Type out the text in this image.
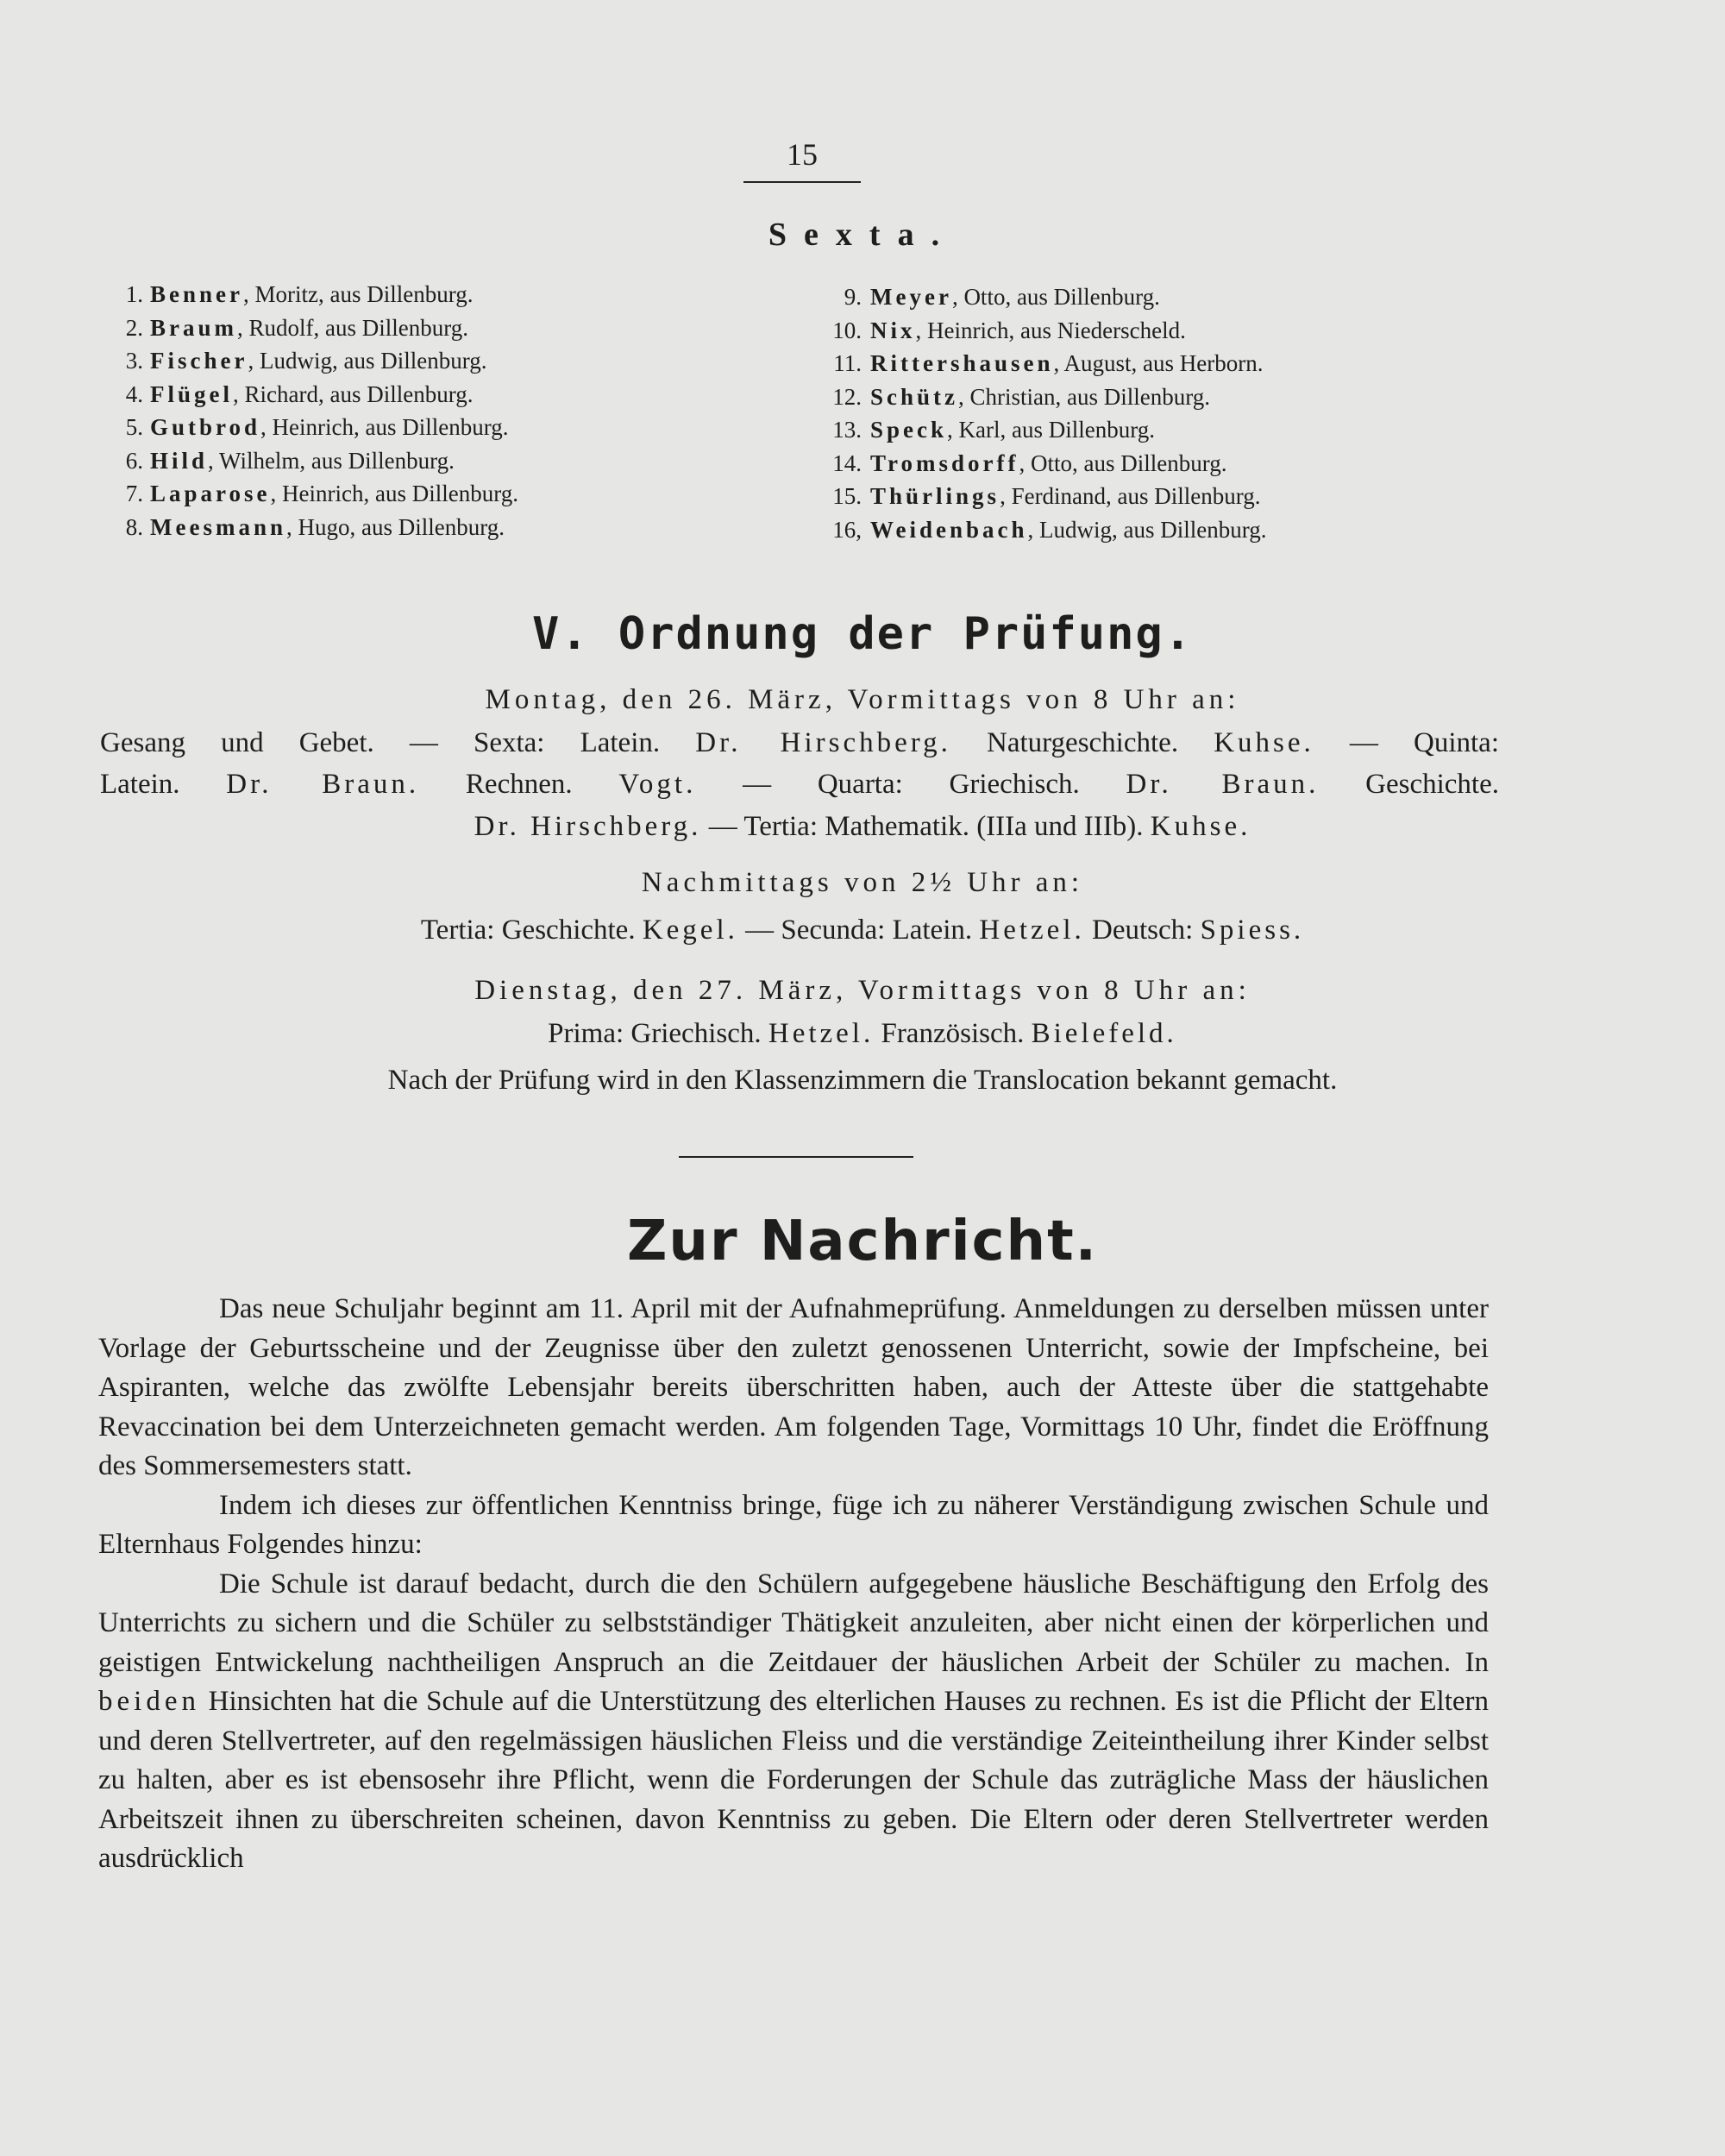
15
Sexta.
1. Benner, Moritz, aus Dillenburg.
2. Braum, Rudolf, aus Dillenburg.
3. Fischer, Ludwig, aus Dillenburg.
4. Flügel, Richard, aus Dillenburg.
5. Gutbrod, Heinrich, aus Dillenburg.
6. Hild, Wilhelm, aus Dillenburg.
7. Laparose, Heinrich, aus Dillenburg.
8. Meesmann, Hugo, aus Dillenburg.
9. Meyer, Otto, aus Dillenburg.
10. Nix, Heinrich, aus Niederscheld.
11. Rittershausen, August, aus Herborn.
12. Schütz, Christian, aus Dillenburg.
13. Speck, Karl, aus Dillenburg.
14. Tromsdorff, Otto, aus Dillenburg.
15. Thürlings, Ferdinand, aus Dillenburg.
16, Weidenbach, Ludwig, aus Dillenburg.
V. Ordnung der Prüfung.
Montag, den 26. März, Vormittags von 8 Uhr an:
Gesang und Gebet. — Sexta: Latein. Dr. Hirschberg. Naturgeschichte. Kuhse. — Quinta:
Latein. Dr. Braun. Rechnen. Vogt. — Quarta: Griechisch. Dr. Braun. Geschichte.
Dr. Hirschberg. — Tertia: Mathematik. (IIIa und IIIb). Kuhse.
Nachmittags von 2½ Uhr an:
Tertia: Geschichte. Kegel. — Secunda: Latein. Hetzel. Deutsch: Spiess.
Dienstag, den 27. März, Vormittags von 8 Uhr an:
Prima: Griechisch. Hetzel. Französisch. Bielefeld.
Nach der Prüfung wird in den Klassenzimmern die Translocation bekannt gemacht.
Zur Nachricht.

Das neue Schuljahr beginnt am 11. April mit der Aufnahmeprüfung. Anmeldungen zu derselben müssen unter Vorlage der Geburtsscheine und der Zeugnisse über den zuletzt genossenen Unterricht, sowie der Impfscheine, bei Aspiranten, welche das zwölfte Lebensjahr bereits überschritten haben, auch der Atteste über die stattgehabte Revaccination bei dem Unterzeichneten gemacht werden. Am folgenden Tage, Vormittags 10 Uhr, findet die Eröffnung des Sommersemesters statt.

Indem ich dieses zur öffentlichen Kenntniss bringe, füge ich zu näherer Verständigung zwischen Schule und Elternhaus Folgendes hinzu:

Die Schule ist darauf bedacht, durch die den Schülern aufgegebene häusliche Beschäftigung den Erfolg des Unterrichts zu sichern und die Schüler zu selbstständiger Thätigkeit anzuleiten, aber nicht einen der körperlichen und geistigen Entwickelung nachtheiligen Anspruch an die Zeitdauer der häuslichen Arbeit der Schüler zu machen. In beiden Hinsichten hat die Schule auf die Unterstützung des elterlichen Hauses zu rechnen. Es ist die Pflicht der Eltern und deren Stellvertreter, auf den regelmässigen häuslichen Fleiss und die verständige Zeiteintheilung ihrer Kinder selbst zu halten, aber es ist ebensosehr ihre Pflicht, wenn die Forderungen der Schule das zuträgliche Mass der häuslichen Arbeitszeit ihnen zu überschreiten scheinen, davon Kenntniss zu geben. Die Eltern oder deren Stellvertreter werden ausdrücklich
